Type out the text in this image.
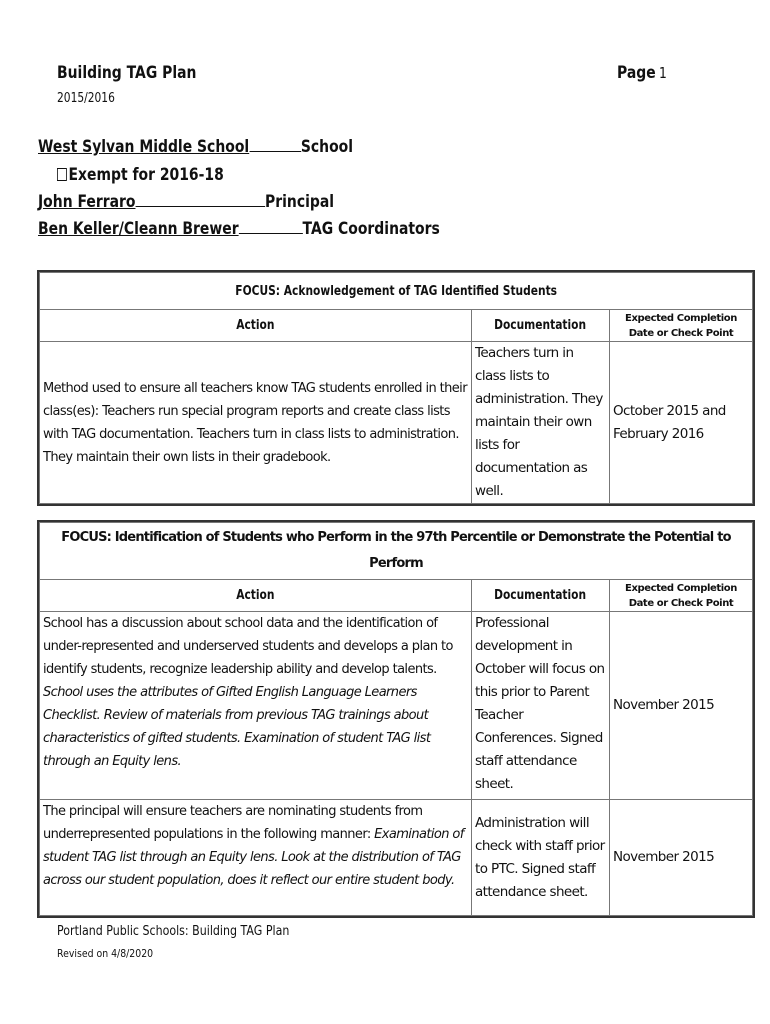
Building TAG Plan
2015/2016
Page 1
West Sylvan Middle School	School
Exempt for 2016-18
John Ferraro	Principal
Ben Keller/Cleann Brewer	TAG Coordinators
FOCUS: Acknowledgement of TAG Identified Students		
Action	Documentation	Expected Completion Date or Check Point
Method used to ensure all teachers know TAG students enrolled in their class(es): Teachers run special program reports and create class lists with TAG documentation. Teachers turn in class lists to administration. They maintain their own lists in their gradebook.	Teachers turn in class lists to administration. They maintain their own lists for documentation as well.	October 2015 and February 2016
FOCUS: Identification of Students who Perform in the 97th Percentile or Demonstrate the Potential to Perform		
Action	Documentation	Expected Completion Date or Check Point
School has a discussion about school data and the identification of under-represented and underserved students and develops a plan to identify students, recognize leadership ability and develop talents. School uses the attributes of Gifted English Language Learners Checklist. Review of materials from previous TAG trainings about characteristics of gifted students. Examination of student TAG list through an Equity lens.	Professional development in October will focus on this prior to Parent Teacher Conferences. Signed staff attendance sheet.	November 2015
The principal will ensure teachers are nominating students from underrepresented populations in the following manner: Examination of student TAG list through an Equity lens. Look at the distribution of TAG across our student population, does it reflect our entire student body.	Administration will check with staff prior to PTC. Signed staff attendance sheet.	November 2015
Portland Public Schools: Building TAG Plan
Revised on 4/8/2020
